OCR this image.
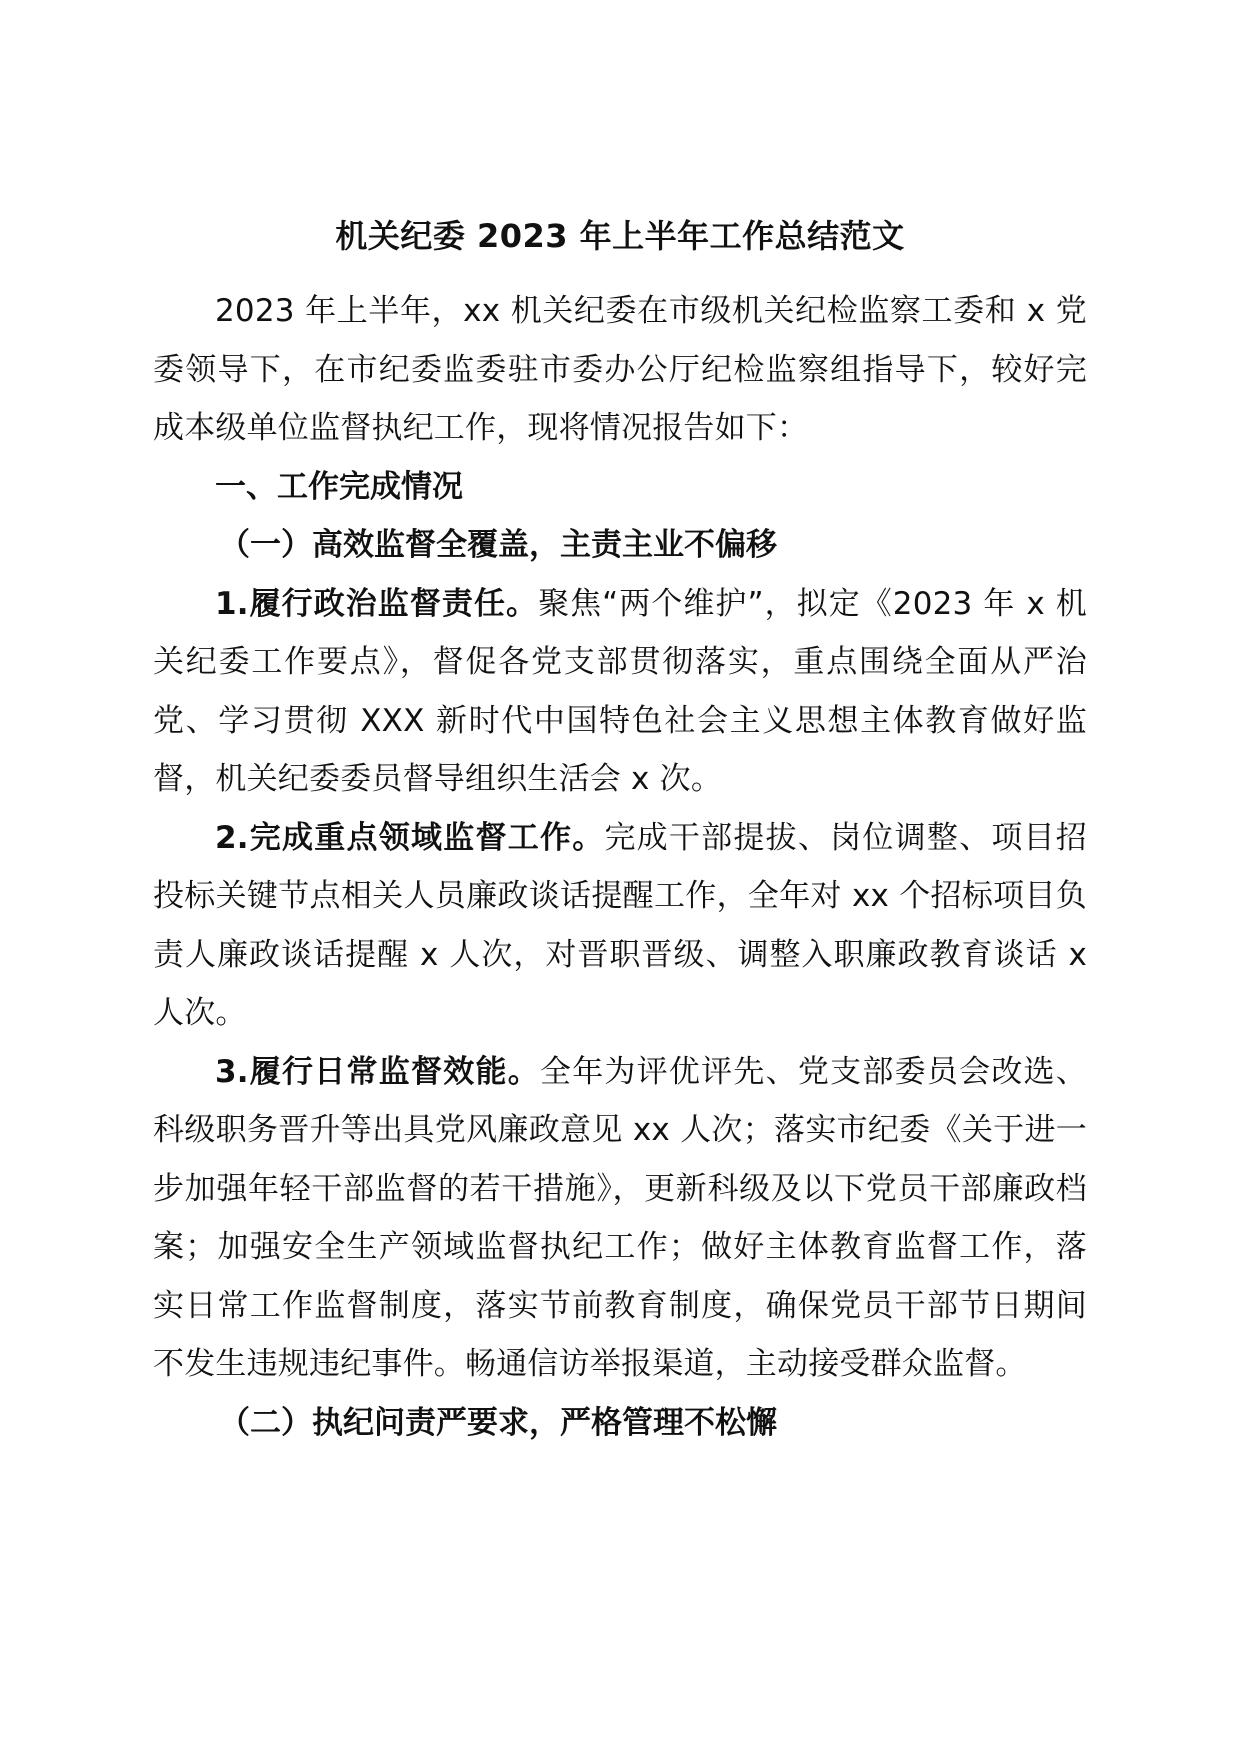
机关纪委 2023 年上半年工作总结范文

2023 年上半年，xx 机关纪委在市级机关纪检监察工委和 x 党委领导下，在市纪委监委驻市委办公厅纪检监察组指导下，较好完成本级单位监督执纪工作，现将情况报告如下：

一、工作完成情况

（一）高效监督全覆盖，主责主业不偏移

1.履行政治监督责任。聚焦“两个维护”，拟定《2023 年 x 机关纪委工作要点》，督促各党支部贯彻落实，重点围绕全面从严治党、学习贯彻 XXX 新时代中国特色社会主义思想主体教育做好监督，机关纪委委员督导组织生活会 x 次。

2.完成重点领域监督工作。完成干部提拔、岗位调整、项目招投标关键节点相关人员廉政谈话提醒工作，全年对 xx 个招标项目负责人廉政谈话提醒 x 人次，对晋职晋级、调整入职廉政教育谈话 x 人次。

3.履行日常监督效能。全年为评优评先、党支部委员会改选、科级职务晋升等出具党风廉政意见 xx 人次；落实市纪委《关于进一步加强年轻干部监督的若干措施》，更新科级及以下党员干部廉政档案；加强安全生产领域监督执纪工作；做好主体教育监督工作，落实日常工作监督制度，落实节前教育制度，确保党员干部节日期间不发生违规违纪事件。畅通信访举报渠道，主动接受群众监督。

（二）执纪问责严要求，严格管理不松懈
